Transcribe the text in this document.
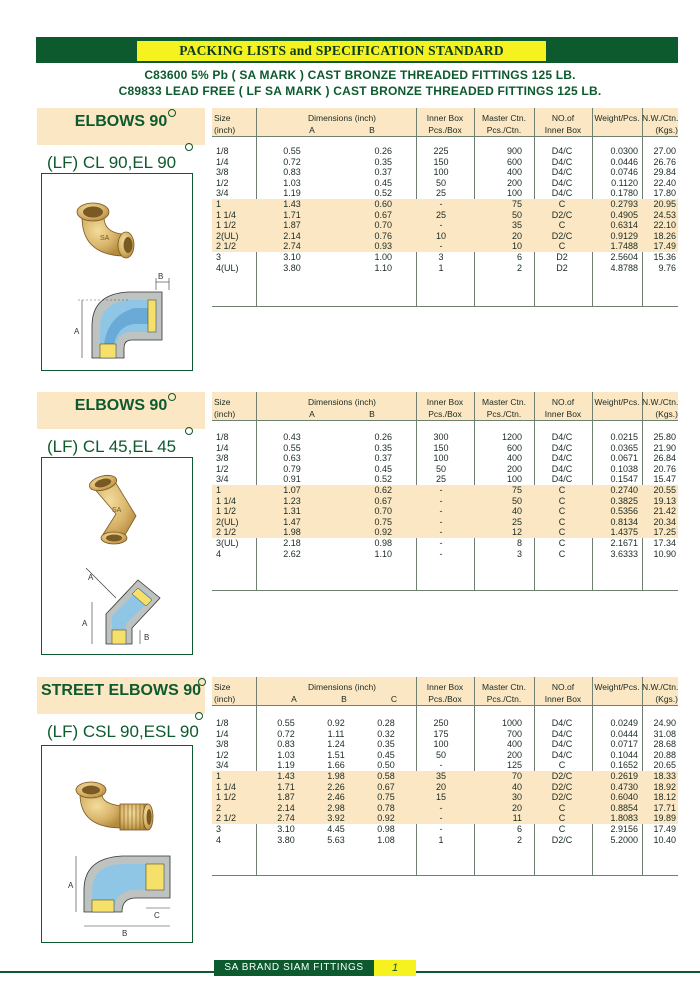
PACKING LISTS and SPECIFICATION STANDARD
C83600 5% Pb ( SA MARK ) CAST BRONZE THREADED FITTINGS 125 LB.
C89833 LEAD FREE ( LF SA MARK ) CAST BRONZE THREADED FITTINGS 125 LB.
ELBOWS 90
(LF) CL 90,EL 90
SA
B
A
Size
(inch)
Dimensions (inch)
A	B
Inner Box
Pcs./Box
Master Ctn.
Pcs./Ctn.
NO.of
Inner Box
Weight/Pcs. N.W./Ctn.
(Kgs.)
1/8	0.55	0.26	225	900	D4/C	0.0300	27.00
1/4	0.72	0.35	150	600	D4/C	0.0446	26.76
3/8	0.83	0.37	100	400	D4/C	0.0746	29.84
1/2	1.03	0.45	50	200	D4/C	0.1120	22.40
3/4	1.19	0.52	25	100	D4/C	0.1780	17.80
1	1.43	0.60	-	75	C	0.2793	20.95
1 1/4	1.71	0.67	25	50	D2/C	0.4905	24.53
1 1/2	1.87	0.70	-	35	C	0.6314	22.10
2(UL)	2.14	0.76	10	20	D2/C	0.9129	18.26
2 1/2	2.74	0.93	-	10	C	1.7488	17.49
3	3.10	1.00	3	6	D2	2.5604	15.36
4(UL)	3.80	1.10	1	2	D2	4.8788	9.76
ELBOWS 90
(LF) CL 45,EL 45
SA
A
A
B
Size
(inch)
Dimensions (inch)
A	B
Inner Box
Pcs./Box
Master Ctn.
Pcs./Ctn.
NO.of
Inner Box
Weight/Pcs. N.W./Ctn.
(Kgs.)
1/8	0.43	0.26	300	1200	D4/C	0.0215	25.80
1/4	0.55	0.35	150	600	D4/C	0.0365	21.90
3/8	0.63	0.37	100	400	D4/C	0.0671	26.84
1/2	0.79	0.45	50	200	D4/C	0.1038	20.76
3/4	0.91	0.52	25	100	D4/C	0.1547	15.47
1	1.07	0.62	-	75	C	0.2740	20.55
1 1/4	1.23	0.67	-	50	C	0.3825	19.13
1 1/2	1.31	0.70	-	40	C	0.5356	21.42
2(UL)	1.47	0.75	-	25	C	0.8134	20.34
2 1/2	1.98	0.92	-	12	C	1.4375	17.25
3(UL)	2.18	0.98	-	8	C	2.1671	17.34
4	2.62	1.10	-	3	C	3.6333	10.90
STREET ELBOWS 90
(LF) CSL 90,ESL 90
A
B
C
Size
(inch)
Dimensions (inch)
A	B	C
Inner Box
Pcs./Box
Master Ctn.
Pcs./Ctn.
NO.of
Inner Box
Weight/Pcs. N.W./Ctn.
(Kgs.)
1/8	0.55	0.92	0.28	250	1000	D4/C	0.0249	24.90
1/4	0.72	1.11	0.32	175	700	D4/C	0.0444	31.08
3/8	0.83	1.24	0.35	100	400	D4/C	0.0717	28.68
1/2	1.03	1.51	0.45	50	200	D4/C	0.1044	20.88
3/4	1.19	1.66	0.50	-	125	C	0.1652	20.65
1	1.43	1.98	0.58	35	70	D2/C	0.2619	18.33
1 1/4	1.71	2.26	0.67	20	40	D2/C	0.4730	18.92
1 1/2	1.87	2.46	0.75	15	30	D2/C	0.6040	18.12
2	2.14	2.98	0.78	-	20	C	0.8854	17.71
2 1/2	2.74	3.92	0.92	-	11	C	1.8083	19.89
3	3.10	4.45	0.98	-	6	C	2.9156	17.49
4	3.80	5.63	1.08	1	2	D2/C	5.2000	10.40
SA BRAND SIAM FITTINGS	1
